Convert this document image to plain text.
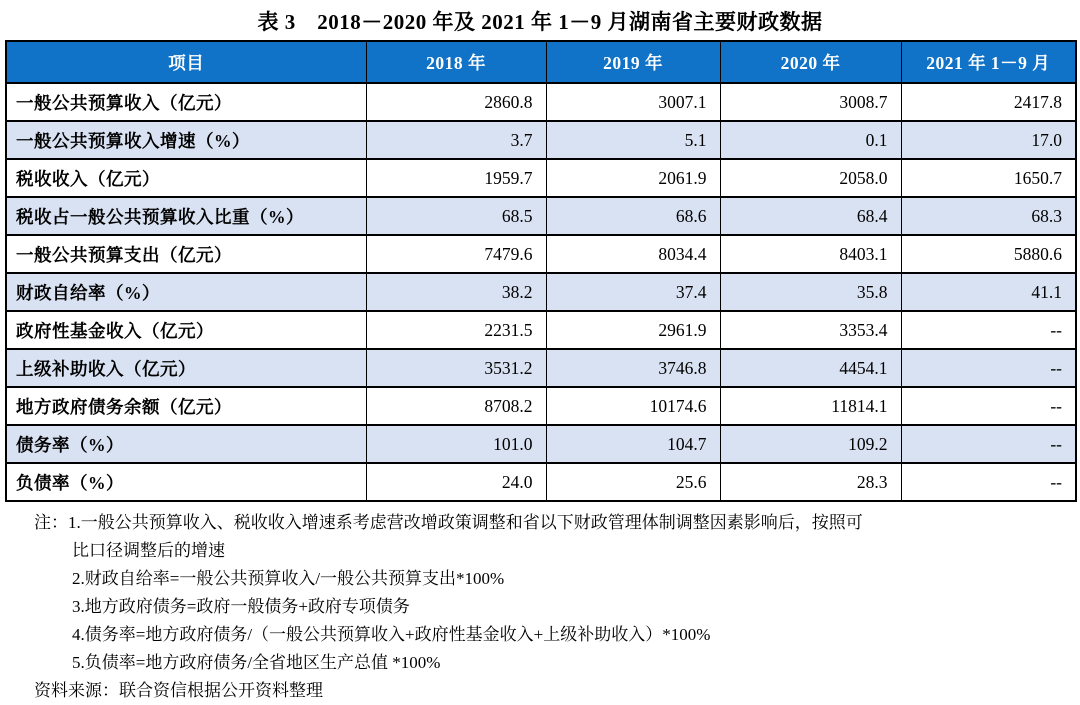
表 3　2018－2020 年及 2021 年 1－9 月湖南省主要财政数据
项目	2018 年	2019 年	2020 年	2021 年 1－9 月
一般公共预算收入（亿元）	2860.8	3007.1	3008.7	2417.8
一般公共预算收入增速（%）	3.7	5.1	0.1	17.0
税收收入（亿元）	1959.7	2061.9	2058.0	1650.7
税收占一般公共预算收入比重（%）	68.5	68.6	68.4	68.3
一般公共预算支出（亿元）	7479.6	8034.4	8403.1	5880.6
财政自给率（%）	38.2	37.4	35.8	41.1
政府性基金收入（亿元）	2231.5	2961.9	3353.4	--
上级补助收入（亿元）	3531.2	3746.8	4454.1	--
地方政府债务余额（亿元）	8708.2	10174.6	11814.1	--
债务率（%）	101.0	104.7	109.2	--
负债率（%）	24.0	25.6	28.3	--
注：1.一般公共预算收入、税收收入增速系考虑营改增政策调整和省以下财政管理体制调整因素影响后，按照可
比口径调整后的增速
2.财政自给率=一般公共预算收入/一般公共预算支出*100%
3.地方政府债务=政府一般债务+政府专项债务
4.债务率=地方政府债务/（一般公共预算收入+政府性基金收入+上级补助收入）*100%
5.负债率=地方政府债务/全省地区生产总值 *100%
资料来源：联合资信根据公开资料整理
